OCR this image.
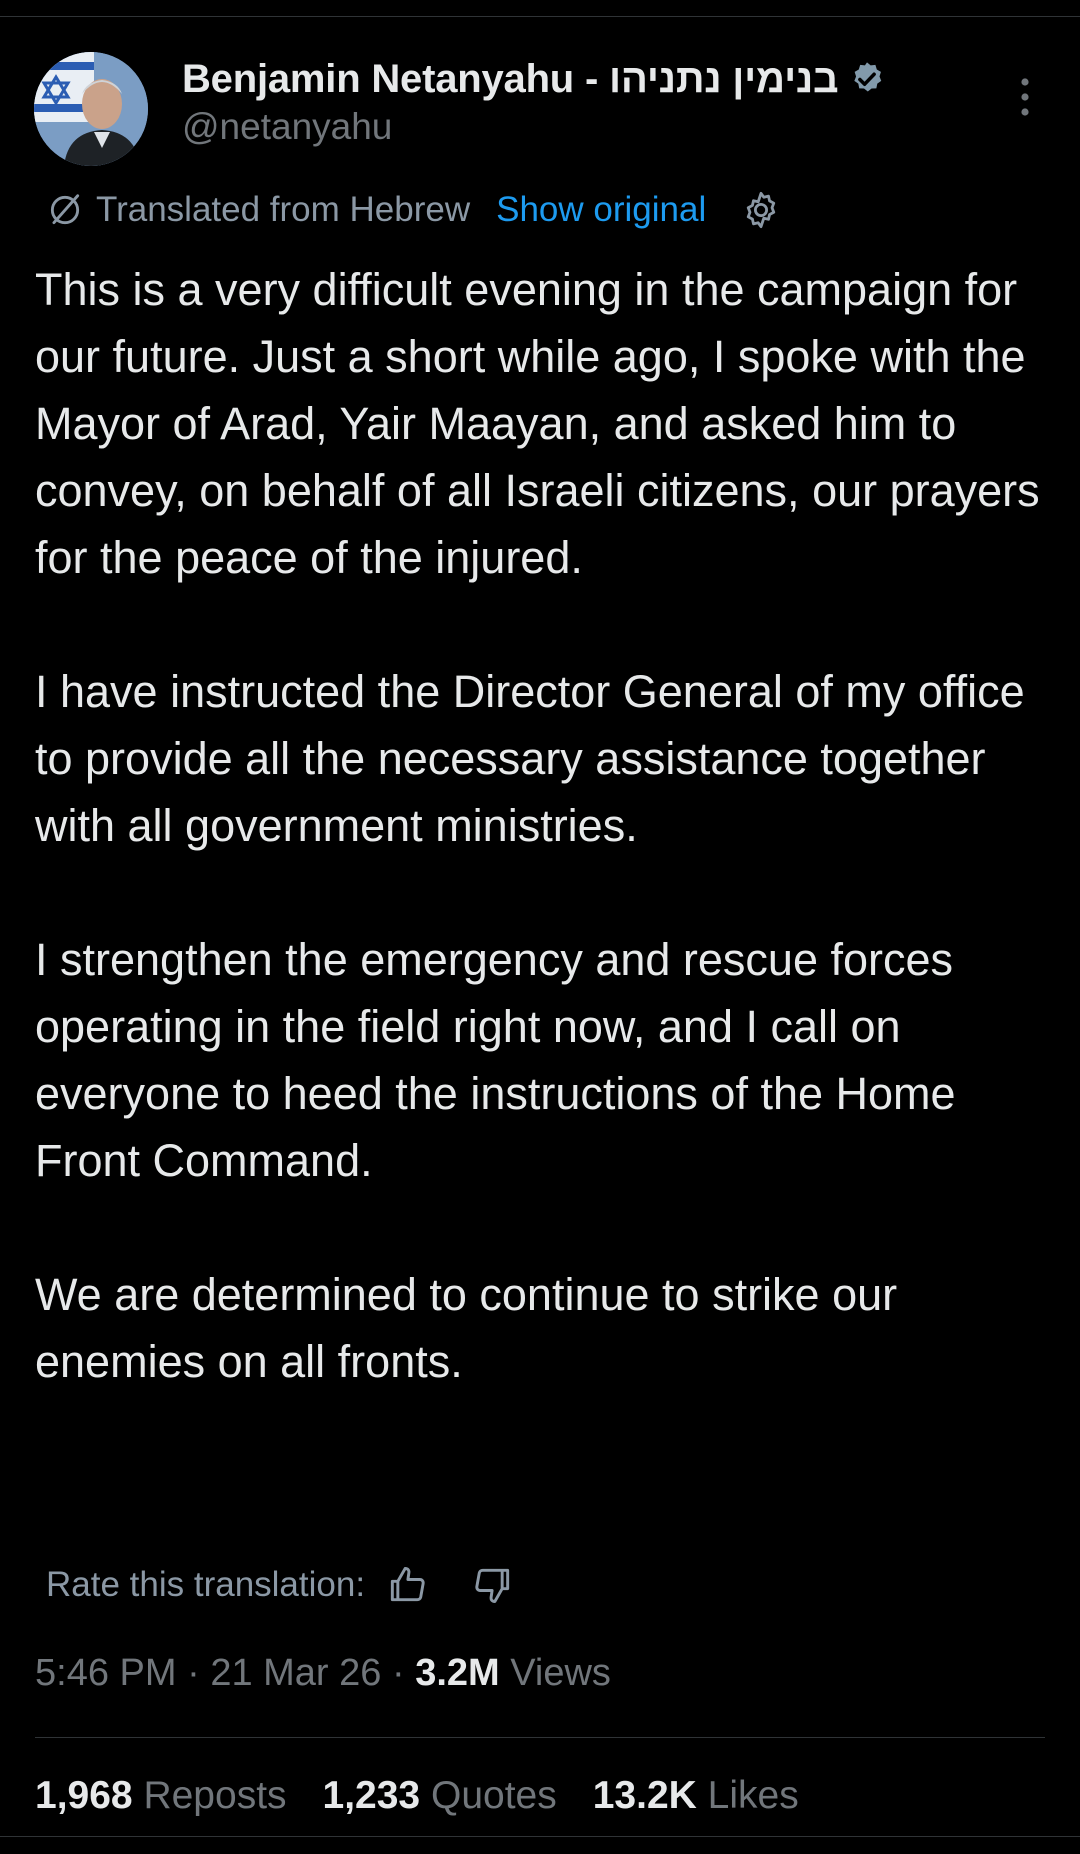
Benjamin Netanyahu - בנימין נתניהו
@netanyahu
Translated from Hebrew Show original

This is a very difficult evening in the campaign for our future. Just a short while ago, I spoke with the Mayor of Arad, Yair Maayan, and asked him to convey, on behalf of all Israeli citizens, our prayers for the peace of the injured.

I have instructed the Director General of my office to provide all the necessary assistance together with all government ministries.

I strengthen the emergency and rescue forces operating in the field right now, and I call on everyone to heed the instructions of the Home Front Command.

We are determined to continue to strike our enemies on all fronts.

Rate this translation:
5:46 PM · 21 Mar 26 · 3.2M Views
1,968 Reposts 1,233 Quotes 13.2K Likes
